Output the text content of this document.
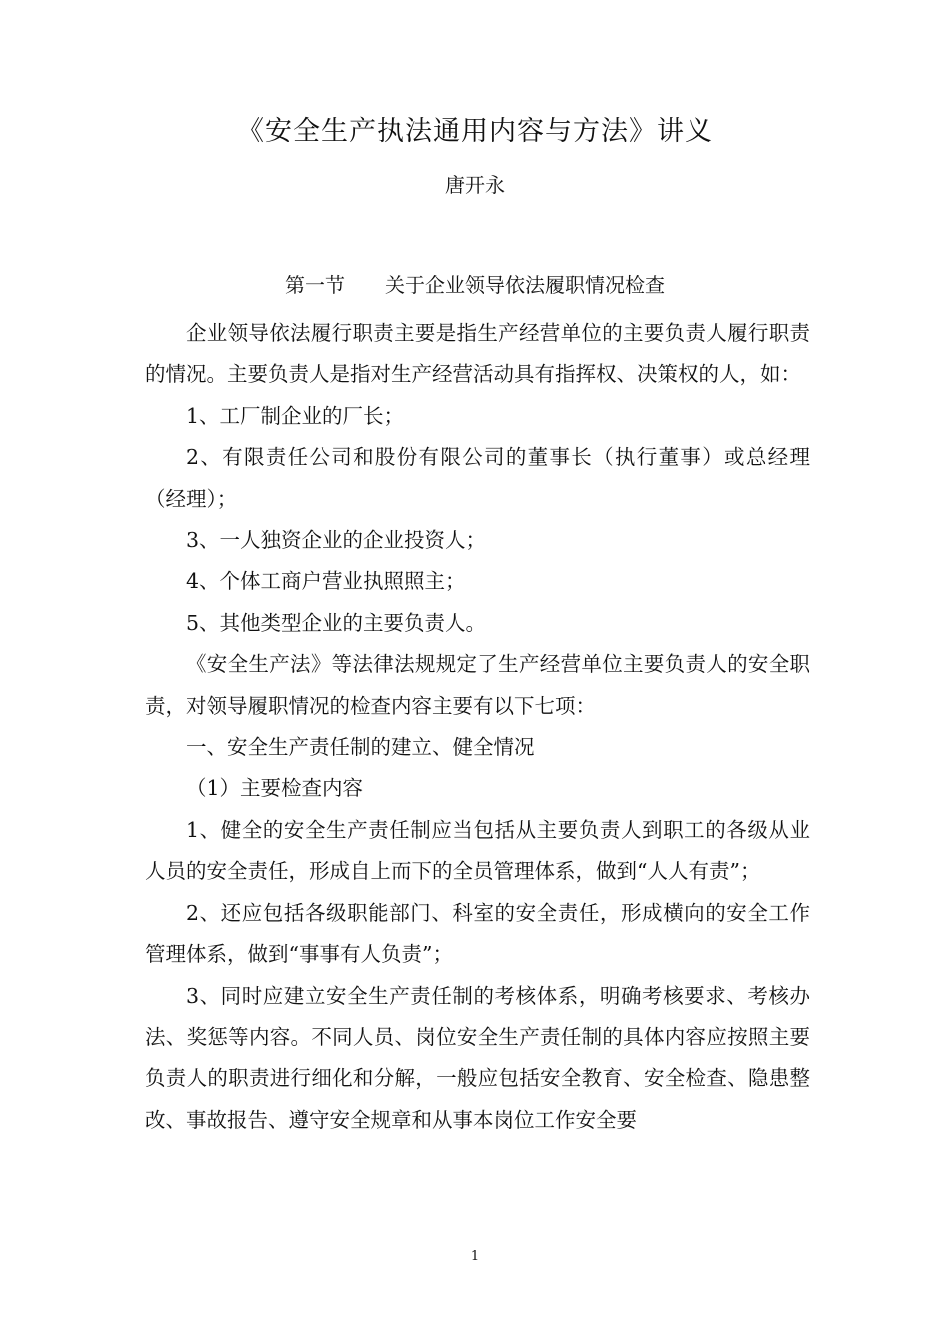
《安全生产执法通用内容与方法》讲义
唐开永
第一节　　关于企业领导依法履职情况检查

企业领导依法履行职责主要是指生产经营单位的主要负责人履行职责的情况。主要负责人是指对生产经营活动具有指挥权、决策权的人，如：

1、工厂制企业的厂长；

2、有限责任公司和股份有限公司的董事长（执行董事）或总经理（经理）；

3、一人独资企业的企业投资人；

4、个体工商户营业执照照主；

5、其他类型企业的主要负责人。

《安全生产法》等法律法规规定了生产经营单位主要负责人的安全职责，对领导履职情况的检查内容主要有以下七项：

一、安全生产责任制的建立、健全情况

（1）主要检查内容

1、健全的安全生产责任制应当包括从主要负责人到职工的各级从业人员的安全责任，形成自上而下的全员管理体系，做到“人人有责”；

2、还应包括各级职能部门、科室的安全责任，形成横向的安全工作管理体系，做到“事事有人负责”；

3、同时应建立安全生产责任制的考核体系，明确考核要求、考核办法、奖惩等内容。不同人员、岗位安全生产责任制的具体内容应按照主要负责人的职责进行细化和分解，一般应包括安全教育、安全检查、隐患整改、事故报告、遵守安全规章和从事本岗位工作安全要

1
